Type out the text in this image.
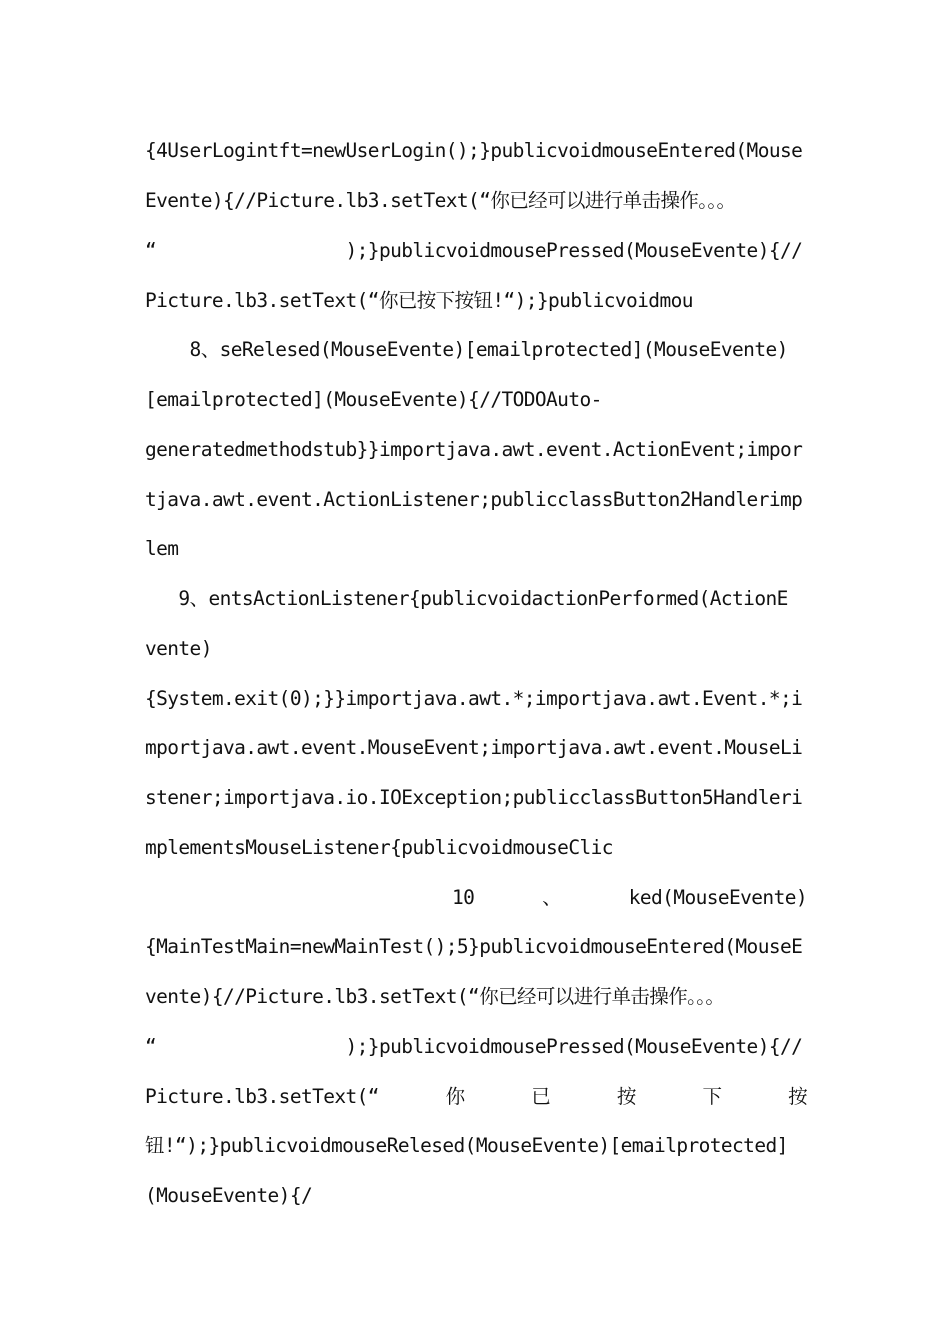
{4UserLogintft=newUserLogin();}publicvoidmouseEntered(Mouse
Evente){//Picture.lb3.setText(“你已经可以进行单击操作。。。
“                 );}publicvoidmousePressed(MouseEvente){//
Picture.lb3.setText(“你已按下按钮!“);}publicvoidmou
8、seRelesed(MouseEvente)[emailprotected](MouseEvente)
[emailprotected](MouseEvente){//TODOAuto-
generatedmethodstub}}importjava.awt.event.ActionEvent;impor
tjava.awt.event.ActionListener;publicclassButton2Handlerimp
lem
9、entsActionListener{publicvoidactionPerformed(ActionE
vente)
{System.exit(0);}}importjava.awt.*;importjava.awt.Event.*;i
mportjava.awt.event.MouseEvent;importjava.awt.event.MouseLi
stener;importjava.io.IOException;publicclassButton5Handleri
mplementsMouseListener{publicvoidmouseClic
10	、	ked(MouseEvente)
{MainTestMain=newMainTest();5}publicvoidmouseEntered(MouseE
vente){//Picture.lb3.setText(“你已经可以进行单击操作。。。
“                 );}publicvoidmousePressed(MouseEvente){//
Picture.lb3.setText(“	你	已	按	下	按
钮!“);}publicvoidmouseRelesed(MouseEvente)[emailprotected]
(MouseEvente){/
